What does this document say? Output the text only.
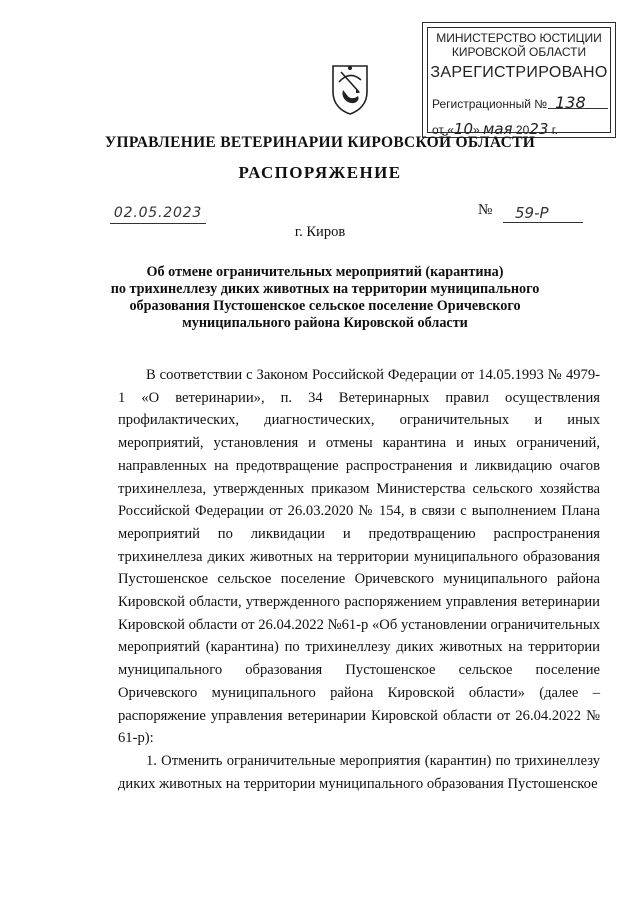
МИНИСТЕРСТВО ЮСТИЦИИ
КИРОВСКОЙ ОБЛАСТИ
ЗАРЕГИСТРИРОВАНО
Регистрационный № 138
от «10» мая 2023 г.
УПРАВЛЕНИЕ ВЕТЕРИНАРИИ КИРОВСКОЙ ОБЛАСТИ
РАСПОРЯЖЕНИЕ
02.05.2023	№	59-Р
г. Киров
Об отмене ограничительных мероприятий (карантина)
по трихинеллезу диких животных на территории муниципального
образования Пустошенское сельское поселение Оричевского
муниципального района Кировской области

В соответствии с Законом Российской Федерации от 14.05.1993 № 4979-1 «О ветеринарии», п. 34 Ветеринарных правил осуществления профилактических, диагностических, ограничительных и иных мероприятий, установления и отмены карантина и иных ограничений, направленных на предотвращение распространения и ликвидацию очагов трихинеллеза, утвержденных приказом Министерства сельского хозяйства Российской Федерации от 26.03.2020 № 154, в связи с выполнением Плана мероприятий по ликвидации и предотвращению распространения трихинеллеза диких животных на территории муниципального образования Пустошенское сельское поселение Оричевского муниципального района Кировской области, утвержденного распоряжением управления ветеринарии Кировской области от 26.04.2022 №61-р «Об установлении ограничительных мероприятий (карантина) по трихинеллезу диких животных на территории муниципального образования Пустошенское сельское поселение Оричевского муниципального района Кировской области» (далее – распоряжение управления ветеринарии Кировской области от 26.04.2022 № 61-р):

1. Отменить ограничительные мероприятия (карантин) по трихинеллезу диких животных на территории муниципального образования Пустошенское
